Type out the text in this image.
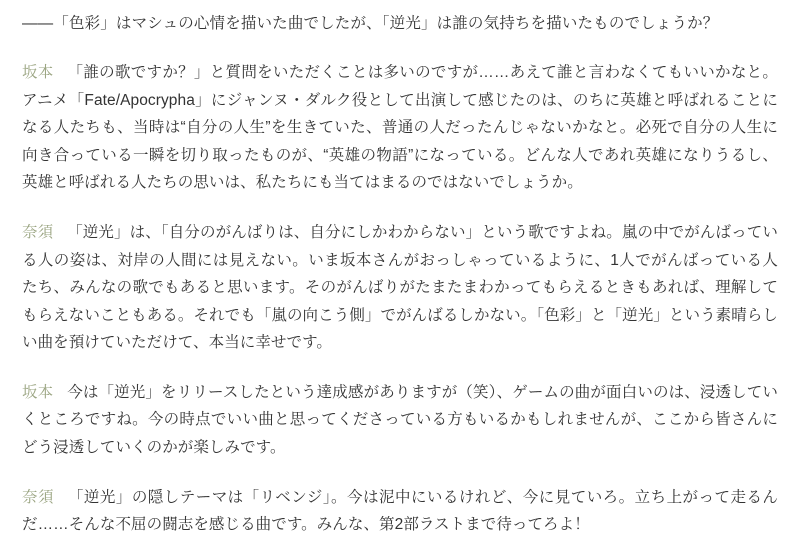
――「色彩」はマシュの心情を描いた曲でしたが、「逆光」は誰の気持ちを描いたものでしょうか？

坂本 「誰の歌ですか？」と質問をいただくことは多いのですが……あえて誰と言わなくてもいいかなと。アニメ「Fate/Apocrypha」にジャンヌ・ダルク役として出演して感じたのは、のちに英雄と呼ばれることになる人たちも、当時は“自分の人生”を生きていた、普通の人だったんじゃないかなと。必死で自分の人生に向き合っている一瞬を切り取ったものが、“英雄の物語”になっている。どんな人であれ英雄になりうるし、英雄と呼ばれる人たちの思いは、私たちにも当てはまるのではないでしょうか。

奈須 「逆光」は、「自分のがんばりは、自分にしかわからない」という歌ですよね。嵐の中でがんばっている人の姿は、対岸の人間には見えない。いま坂本さんがおっしゃっているように、1人でがんばっている人たち、みんなの歌でもあると思います。そのがんばりがたまたまわかってもらえるときもあれば、理解してもらえないこともある。それでも「嵐の向こう側」でがんばるしかない。「色彩」と「逆光」という素晴らしい曲を預けていただけて、本当に幸せです。

坂本 今は「逆光」をリリースしたという達成感がありますが（笑）、ゲームの曲が面白いのは、浸透していくところですね。今の時点でいい曲と思ってくださっている方もいるかもしれませんが、ここから皆さんにどう浸透していくのかが楽しみです。

奈須 「逆光」の隠しテーマは「リベンジ」。今は泥中にいるけれど、今に見ていろ。立ち上がって走るんだ……そんな不屈の闘志を感じる曲です。みんな、第2部ラストまで待ってろよ！
